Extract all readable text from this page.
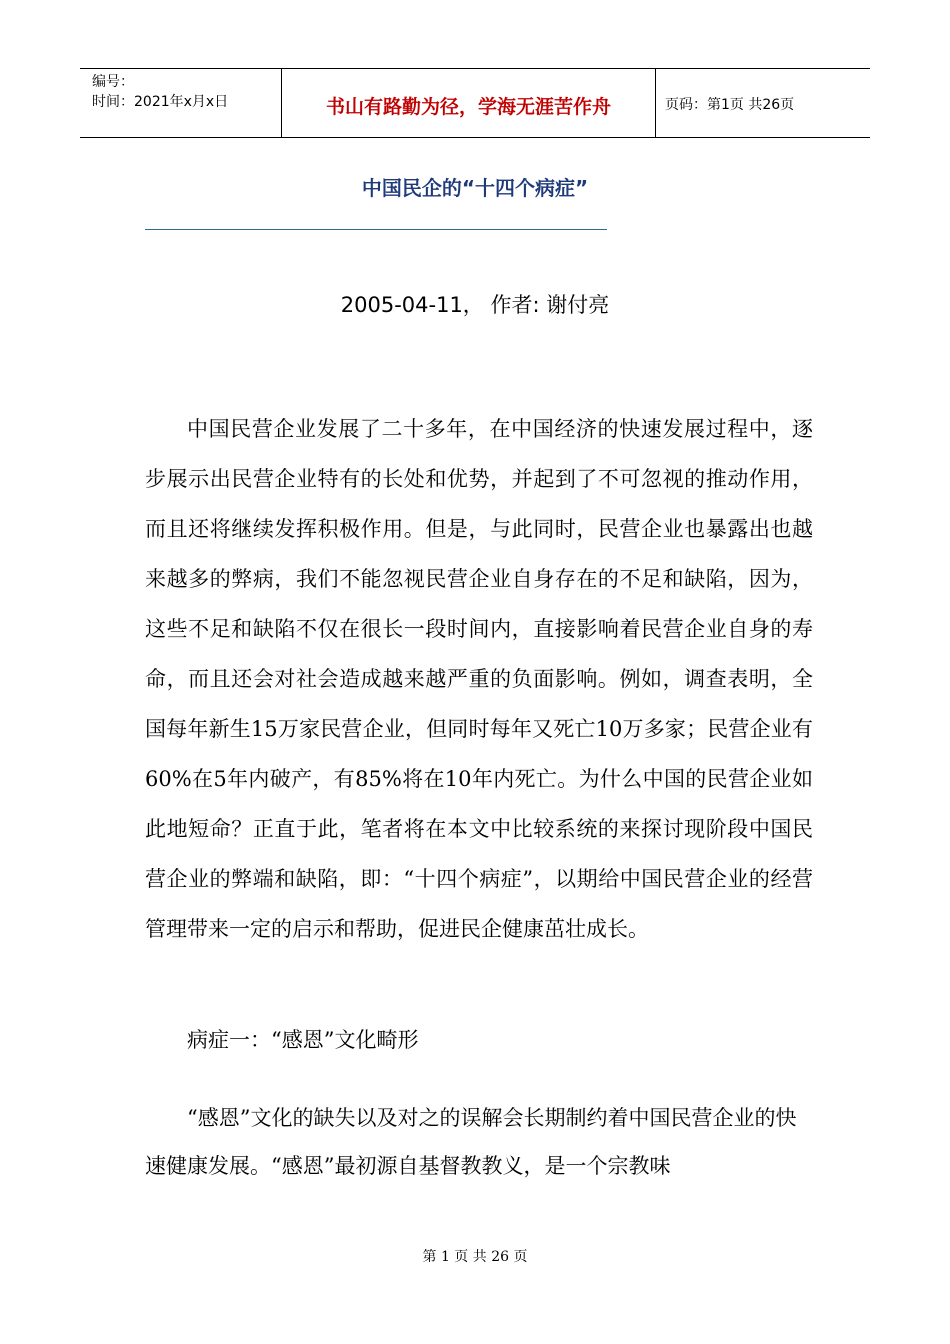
编号：
时间：2021年x月x日	书山有路勤为径，学海无涯苦作舟	页码：第1页 共26页
中国民企的“十四个病症”
2005-04-11， 作者: 谢付亮

中国民营企业发展了二十多年，在中国经济的快速发展过程中，逐步展示出民营企业特有的长处和优势，并起到了不可忽视的推动作用，而且还将继续发挥积极作用。但是，与此同时，民营企业也暴露出也越来越多的弊病，我们不能忽视民营企业自身存在的不足和缺陷，因为，这些不足和缺陷不仅在很长一段时间内，直接影响着民营企业自身的寿命，而且还会对社会造成越来越严重的负面影响。例如，调查表明，全国每年新生15万家民营企业，但同时每年又死亡10万多家；民营企业有60%在5年内破产，有85%将在10年内死亡。为什么中国的民营企业如此地短命？正直于此，笔者将在本文中比较系统的来探讨现阶段中国民营企业的弊端和缺陷，即：“十四个病症”，以期给中国民营企业的经营管理带来一定的启示和帮助，促进民企健康茁壮成长。

病症一：“感恩”文化畸形

“感恩”文化的缺失以及对之的误解会长期制约着中国民营企业的快速健康发展。“感恩”最初源自基督教教义，是一个宗教味

第 1 页 共 26 页
